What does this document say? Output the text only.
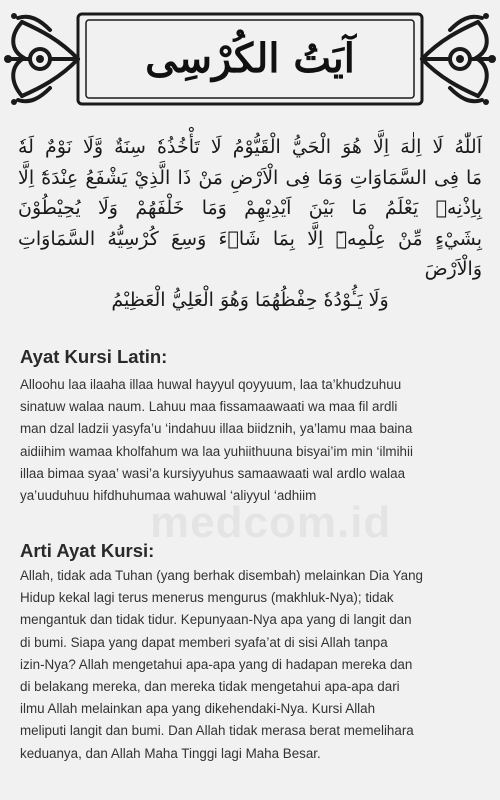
آيَتُ الكُرْسِى
اَللّٰهُ لَا اِلٰهَ اِلَّا هُوَ الْحَيُّ الْقَيُّوْمُ لَا تَأْخُذُهٗ سِنَةٌ وَّلَا نَوْمٌ لَهٗ
مَا فِى السَّمَاوَاتِ وَمَا فِى الْاَرْضِ مَنْ ذَا الَّذِيْ يَشْفَعُ عِنْدَهٗٓ اِلَّا
بِاِذْنِهٖ يَعْلَمُ مَا بَيْنَ اَيْدِيْهِمْ وَمَا خَلْفَهُمْ وَلَا يُحِيْطُوْنَ
بِشَيْءٍ مِّنْ عِلْمِهٖٓ اِلَّا بِمَا شَاۤءَ وَسِعَ كُرْسِيُّهُ السَّمَاوَاتِ وَالْاَرْضَ
وَلَا يَـُٔوْدُهٗ حِفْظُهُمَا وَهُوَ الْعَلِيُّ الْعَظِيْمُ
medcom.id
Ayat Kursi Latin:
Alloohu laa ilaaha illaa huwal hayyul qoyyuum, laa ta’khudzuhuu
sinatuw walaa naum. Lahuu maa fissamaawaati wa maa fil ardli
man dzal ladzii yasyfa’u ‘indahuu illaa biidznih, ya’lamu maa baina
aidiihim wamaa kholfahum wa laa yuhiithuuna bisyai’im min ‘ilmihii
illaa bimaa syaa’ wasi’a kursiyyuhus samaawaati wal ardlo walaa
ya’uuduhuu hifdhuhumaa wahuwal ‘aliyyul ‘adhiim
Arti Ayat Kursi:
Allah, tidak ada Tuhan (yang berhak disembah) melainkan Dia Yang
Hidup kekal lagi terus menerus mengurus (makhluk-Nya); tidak
mengantuk dan tidak tidur. Kepunyaan-Nya apa yang di langit dan
di bumi. Siapa yang dapat memberi syafa’at di sisi Allah tanpa
izin-Nya? Allah mengetahui apa-apa yang di hadapan mereka dan
di belakang mereka, dan mereka tidak mengetahui apa-apa dari
ilmu Allah melainkan apa yang dikehendaki-Nya. Kursi Allah
meliputi langit dan bumi. Dan Allah tidak merasa berat memelihara
keduanya, dan Allah Maha Tinggi lagi Maha Besar.
